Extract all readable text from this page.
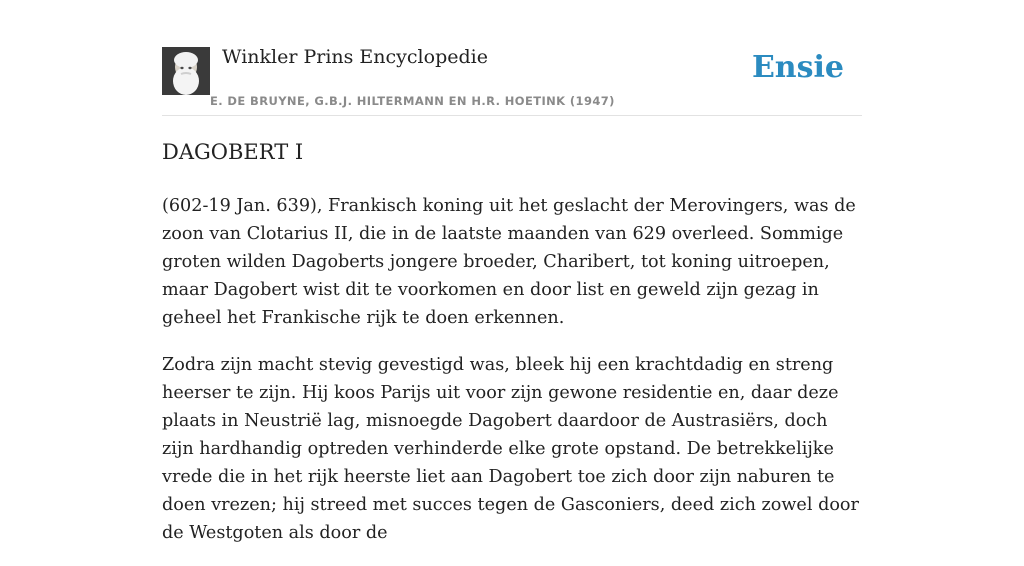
Winkler Prins Encyclopedie
E. DE BRUYNE, G.B.J. HILTERMANN EN H.R. HOETINK (1947)
Ensie
DAGOBERT I

(602-19 Jan. 639), Frankisch koning uit het geslacht der Merovingers, was de zoon van Clotarius II, die in de laatste maanden van 629 overleed. Sommige groten wilden Dagoberts jongere broeder, Charibert, tot koning uitroepen, maar Dagobert wist dit te voorkomen en door list en geweld zijn gezag in geheel het Frankische rijk te doen erkennen.

Zodra zijn macht stevig gevestigd was, bleek hij een krachtdadig en streng heerser te zijn. Hij koos Parijs uit voor zijn gewone residentie en, daar deze plaats in Neustrië lag, misnoegde Dagobert daardoor de Austrasiërs, doch zijn hardhandig optreden verhinderde elke grote opstand. De betrekkelijke vrede die in het rijk heerste liet aan Dagobert toe zich door zijn naburen te doen vrezen; hij streed met succes tegen de Gasconiers, deed zich zowel door de Westgoten als door de
